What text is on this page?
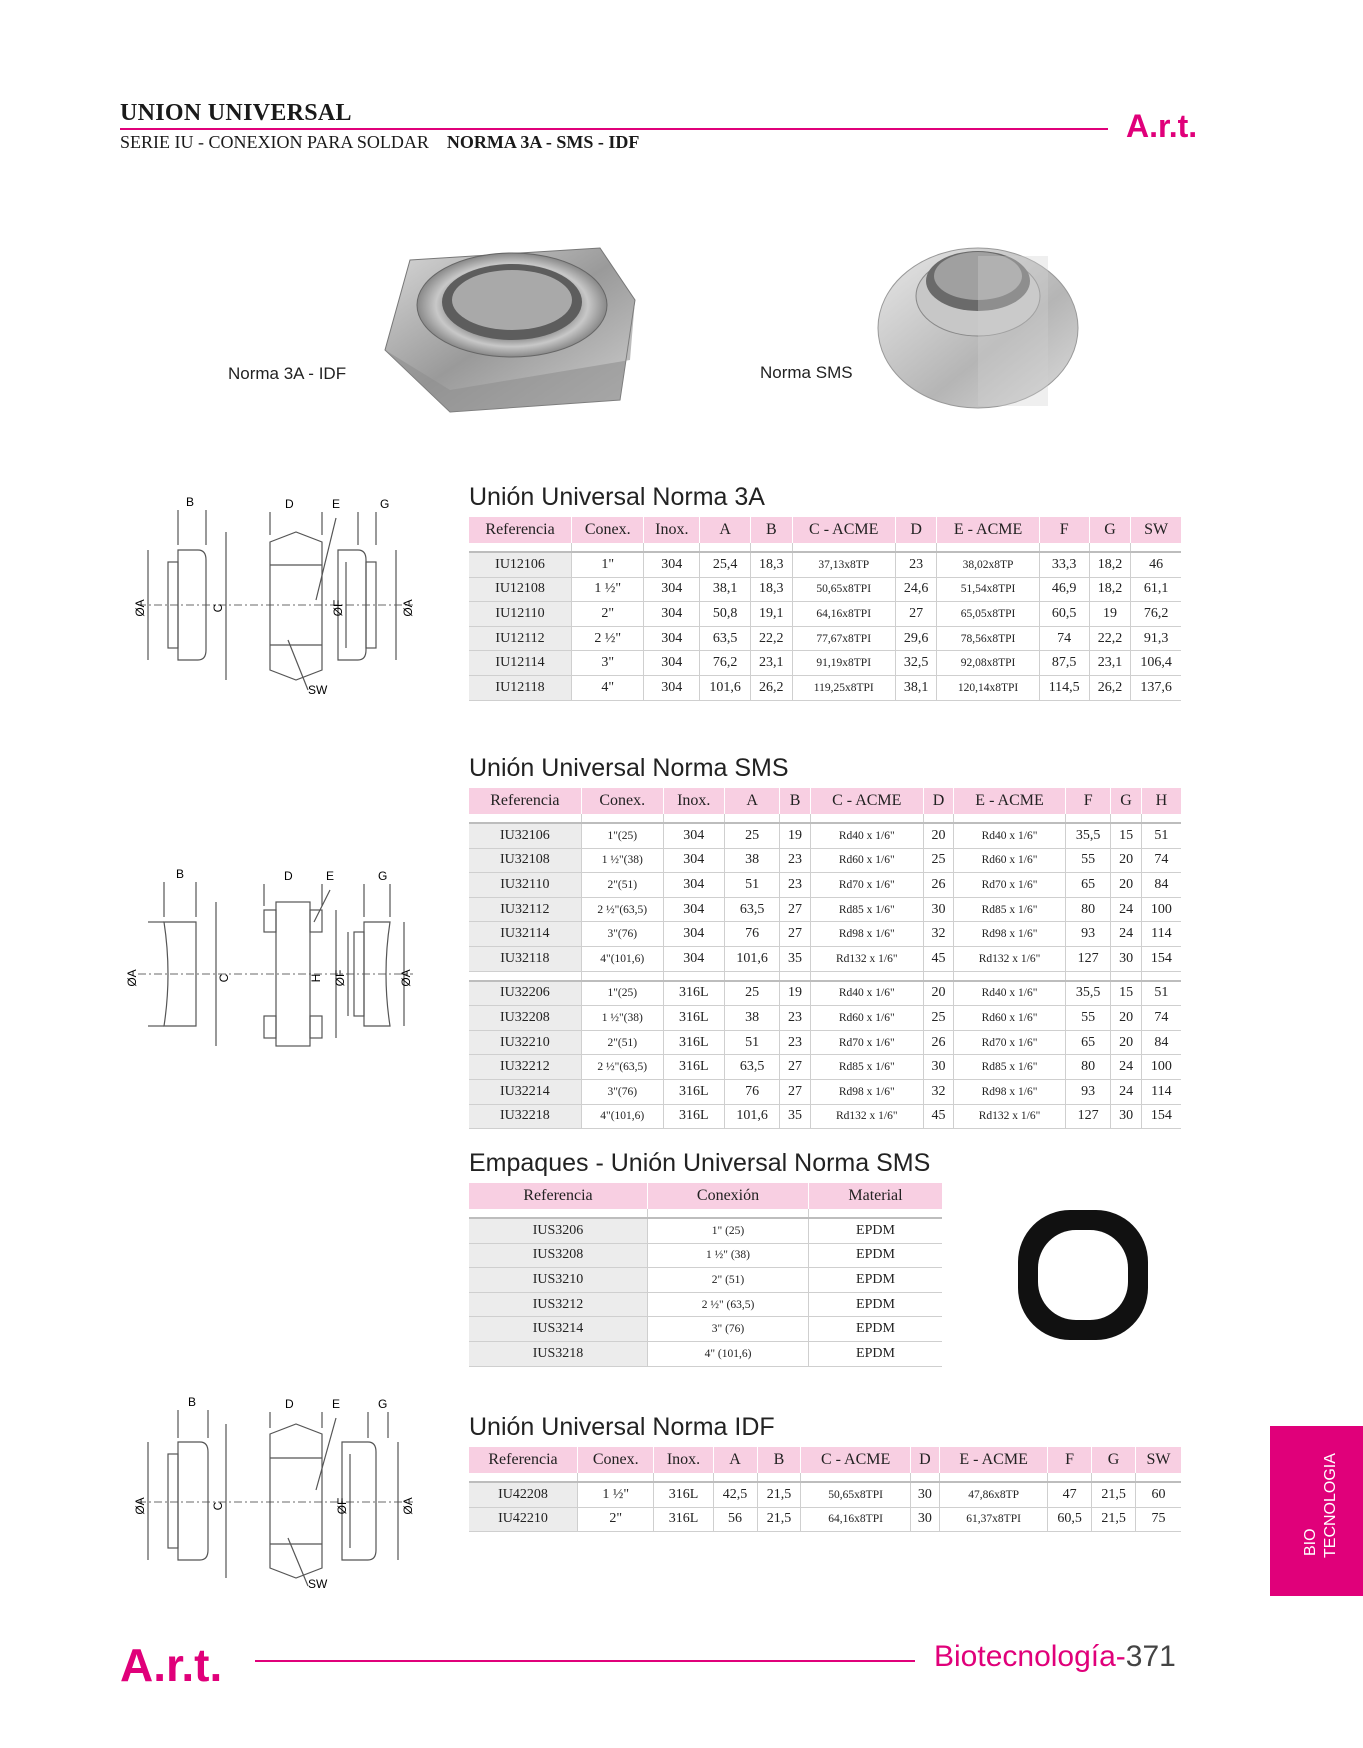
UNION UNIVERSAL
SERIE IU - CONEXION PARA SOLDAR NORMA 3A - SMS - IDF	A.r.t.
Norma 3A - IDF	Norma SMS
B	D	E	G
ØA	C	ØF	ØA
SW
Unión Universal Norma 3A
Referencia	Conex.	Inox.	A	B	C - ACME	D	E - ACME	F	G	SW

IU12106	1"	304	25,4	18,3	37,13x8TP	23	38,02x8TP	33,3	18,2	46
IU12108	1 ½"	304	38,1	18,3	50,65x8TPI	24,6	51,54x8TPI	46,9	18,2	61,1
IU12110	2"	304	50,8	19,1	64,16x8TPI	27	65,05x8TPI	60,5	19	76,2
IU12112	2 ½"	304	63,5	22,2	77,67x8TPI	29,6	78,56x8TPI	74	22,2	91,3
IU12114	3"	304	76,2	23,1	91,19x8TPI	32,5	92,08x8TPI	87,5	23,1	106,4
IU12118	4"	304	101,6	26,2	119,25x8TPI	38,1	120,14x8TPI	114,5	26,2	137,6
B	D	E	G
ØA	C	H ØF	ØA
Unión Universal Norma SMS
Referencia	Conex.	Inox.	A	B	C - ACME	D	E - ACME	F	G	H

IU32106	1"(25)	304	25	19	Rd40 x 1/6"	20	Rd40 x 1/6"	35,5	15	51
IU32108	1 ½"(38)	304	38	23	Rd60 x 1/6"	25	Rd60 x 1/6"	55	20	74
IU32110	2"(51)	304	51	23	Rd70 x 1/6"	26	Rd70 x 1/6"	65	20	84
IU32112	2 ½"(63,5)	304	63,5	27	Rd85 x 1/6"	30	Rd85 x 1/6"	80	24	100
IU32114	3"(76)	304	76	27	Rd98 x 1/6"	32	Rd98 x 1/6"	93	24	114
IU32118	4"(101,6)	304	101,6	35	Rd132 x 1/6"	45	Rd132 x 1/6"	127	30	154

IU32206	1"(25)	316L	25	19	Rd40 x 1/6"	20	Rd40 x 1/6"	35,5	15	51
IU32208	1 ½"(38)	316L	38	23	Rd60 x 1/6"	25	Rd60 x 1/6"	55	20	74
IU32210	2"(51)	316L	51	23	Rd70 x 1/6"	26	Rd70 x 1/6"	65	20	84
IU32212	2 ½"(63,5)	316L	63,5	27	Rd85 x 1/6"	30	Rd85 x 1/6"	80	24	100
IU32214	3"(76)	316L	76	27	Rd98 x 1/6"	32	Rd98 x 1/6"	93	24	114
IU32218	4"(101,6)	316L	101,6	35	Rd132 x 1/6"	45	Rd132 x 1/6"	127	30	154
Empaques - Unión Universal Norma SMS
Referencia	Conexión	Material

IUS3206	1" (25)	EPDM
IUS3208	1 ½" (38)	EPDM
IUS3210	2" (51)	EPDM
IUS3212	2 ½" (63,5)	EPDM
IUS3214	3" (76)	EPDM
IUS3218	4" (101,6)	EPDM
B	D	E	G
ØA	C	ØF	ØA
SW
Unión Universal Norma IDF
Referencia	Conex.	Inox.	A	B	C - ACME	D	E - ACME	F	G	SW

IU42208	1 ½"	316L	42,5	21,5	50,65x8TPI	30	47,86x8TP	47	21,5	60
IU42210	2"	316L	56	21,5	64,16x8TPI	30	61,37x8TPI	60,5	21,5	75
BIO TECNOLOGIA
A.r.t.	Biotecnología-371
